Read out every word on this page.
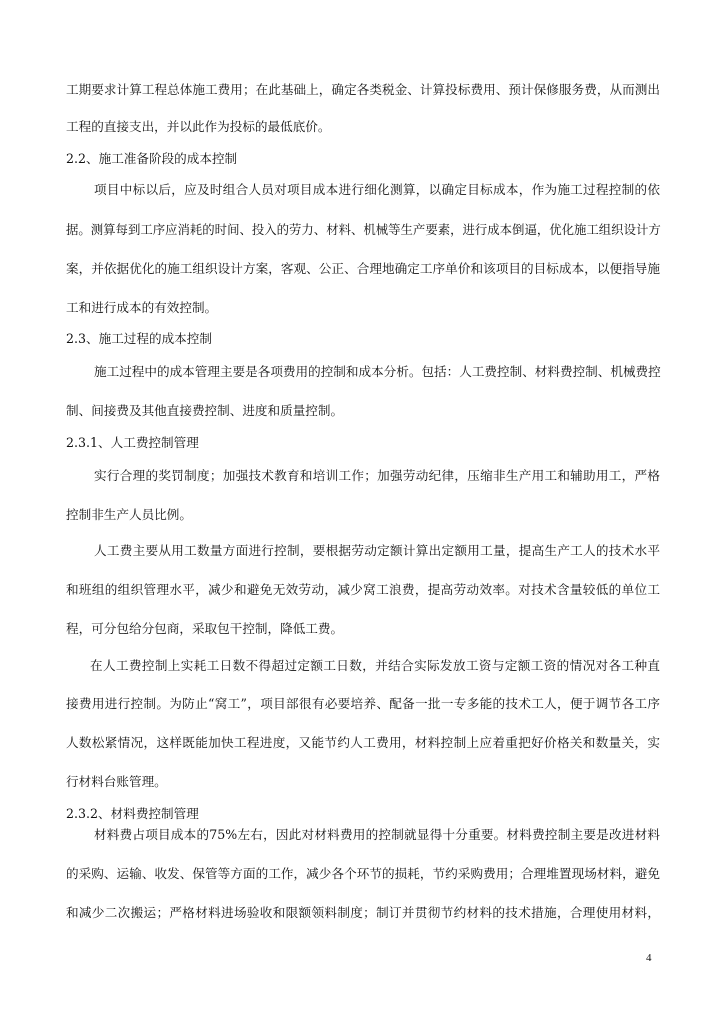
工期要求计算工程总体施工费用；在此基础上，确定各类税金、计算投标费用、预计保修服务费，从而测出
工程的直接支出，并以此作为投标的最低底价。
2.2、施工准备阶段的成本控制
项目中标以后，应及时组合人员对项目成本进行细化测算，以确定目标成本，作为施工过程控制的依
据。测算每到工序应消耗的时间、投入的劳力、材料、机械等生产要素，进行成本倒逼，优化施工组织设计方
案，并依据优化的施工组织设计方案，客观、公正、合理地确定工序单价和该项目的目标成本，以便指导施
工和进行成本的有效控制。
2.3、施工过程的成本控制
施工过程中的成本管理主要是各项费用的控制和成本分析。包括：人工费控制、材料费控制、机械费控
制、间接费及其他直接费控制、进度和质量控制。
2.3.1、人工费控制管理
实行合理的奖罚制度；加强技术教育和培训工作；加强劳动纪律，压缩非生产用工和辅助用工，严格
控制非生产人员比例。
人工费主要从用工数量方面进行控制，要根据劳动定额计算出定额用工量，提高生产工人的技术水平
和班组的组织管理水平，减少和避免无效劳动，减少窝工浪费，提高劳动效率。对技术含量较低的单位工
程，可分包给分包商，采取包干控制，降低工费。
在人工费控制上实耗工日数不得超过定额工日数，并结合实际发放工资与定额工资的情况对各工种直
接费用进行控制。为防止“窝工”，项目部很有必要培养、配备一批一专多能的技术工人，便于调节各工序
人数松紧情况，这样既能加快工程进度，又能节约人工费用，材料控制上应着重把好价格关和数量关，实
行材料台账管理。
2.3.2、材料费控制管理
材料费占项目成本的75%左右，因此对材料费用的控制就显得十分重要。材料费控制主要是改进材料
的采购、运输、收发、保管等方面的工作，减少各个环节的损耗，节约采购费用；合理堆置现场材料，避免
和减少二次搬运；严格材料进场验收和限额领料制度；制订并贯彻节约材料的技术措施，合理使用材料，
4
